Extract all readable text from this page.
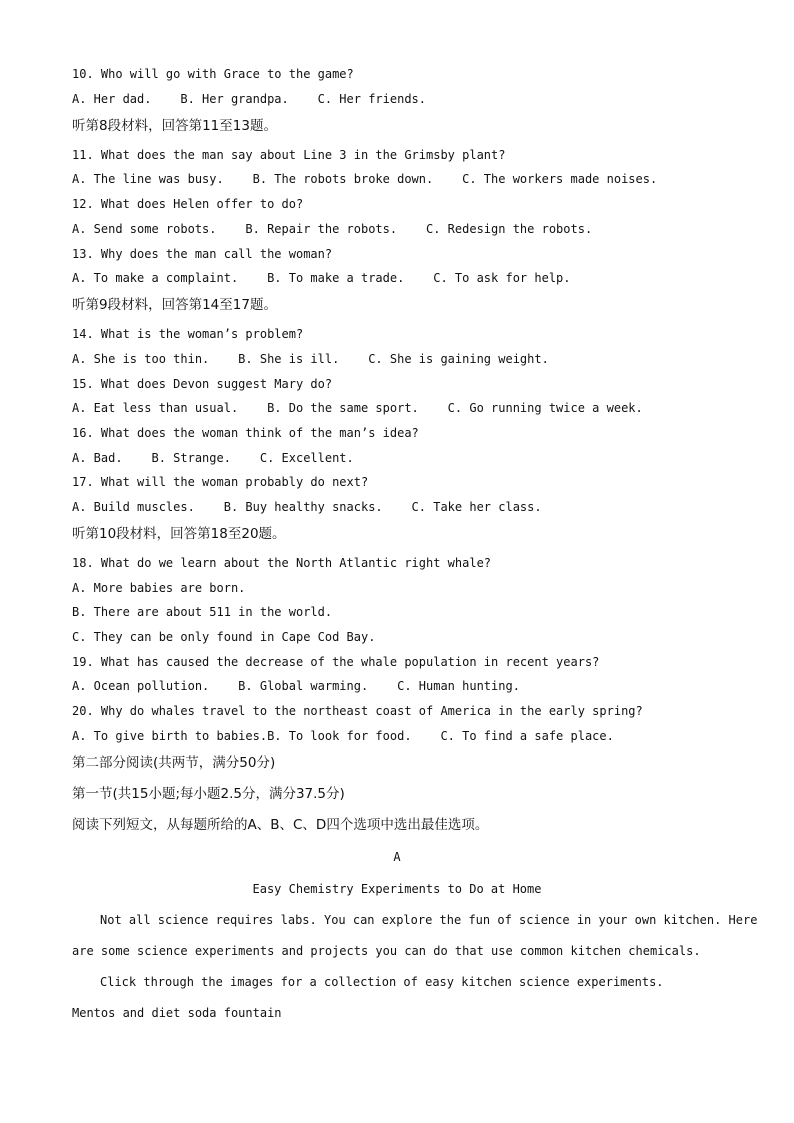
10. Who will go with Grace to the game?
A. Her dad.    B. Her grandpa.    C. Her friends.
听第8段材料，回答第11至13题。
11. What does the man say about Line 3 in the Grimsby plant?
A. The line was busy.    B. The robots broke down.    C. The workers made noises.
12. What does Helen offer to do?
A. Send some robots.    B. Repair the robots.    C. Redesign the robots.
13. Why does the man call the woman?
A. To make a complaint.    B. To make a trade.    C. To ask for help.
听第9段材料，回答第14至17题。
14. What is the woman’s problem?
A. She is too thin.    B. She is ill.    C. She is gaining weight.
15. What does Devon suggest Mary do?
A. Eat less than usual.    B. Do the same sport.    C. Go running twice a week.
16. What does the woman think of the man’s idea?
A. Bad.    B. Strange.    C. Excellent.
17. What will the woman probably do next?
A. Build muscles.    B. Buy healthy snacks.    C. Take her class.
听第10段材料，回答第18至20题。
18. What do we learn about the North Atlantic right whale?
A. More babies are born.
B. There are about 511 in the world.
C. They can be only found in Cape Cod Bay.
19. What has caused the decrease of the whale population in recent years?
A. Ocean pollution.    B. Global warming.    C. Human hunting.
20. Why do whales travel to the northeast coast of America in the early spring?
A. To give birth to babies.B. To look for food.    C. To find a safe place.
第二部分阅读(共两节，满分50分)
第一节(共15小题;每小题2.5分，满分37.5分)
阅读下列短文，从每题所给的A、B、C、D四个选项中选出最佳选项。
A
Easy Chemistry Experiments to Do at Home
Not all science requires labs. You can explore the fun of science in your own kitchen. Here
are some science experiments and projects you can do that use common kitchen chemicals.
Click through the images for a collection of easy kitchen science experiments.
Mentos and diet soda fountain
